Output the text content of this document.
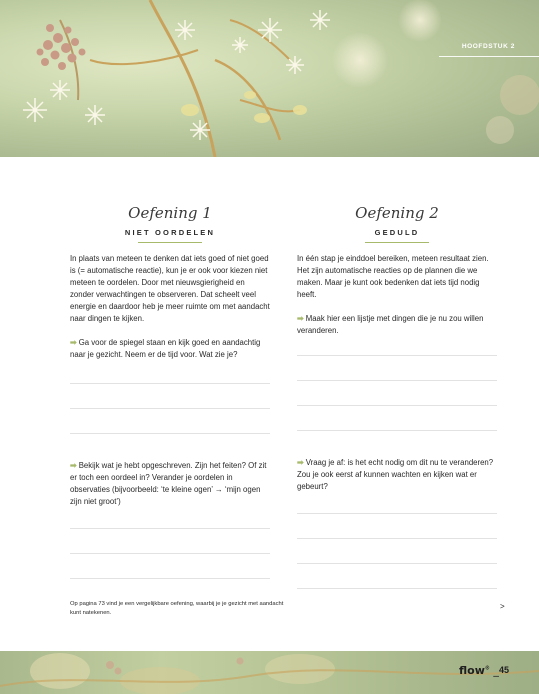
HOOFDSTUK 2
Oefening 1
NIET OORDELEN

In plaats van meteen te denken dat iets goed of niet goed is (= automatische reactie), kun je er ook voor kiezen niet meteen te oordelen. Door met nieuwsgierigheid en zonder verwachtingen te observeren. Dat scheelt veel energie en daardoor heb je meer ruimte om met aandacht naar dingen te kijken.

➡ Ga voor de spiegel staan en kijk goed en aandachtig naar je gezicht. Neem er de tijd voor. Wat zie je?

➡ Bekijk wat je hebt opgeschreven. Zijn het feiten? Of zit er toch een oordeel in? Verander je oordelen in observaties (bijvoorbeeld: ‘te kleine ogen’ → ‘mijn ogen zijn niet groot’)

Oefening 2
GEDULD

In één stap je einddoel bereiken, meteen resultaat zien. Het zijn automatische reacties op de plannen die we maken. Maar je kunt ook bedenken dat iets tijd nodig heeft.

➡ Maak hier een lijstje met dingen die je nu zou willen veranderen.

➡ Vraag je af: is het echt nodig om dit nu te veranderen? Zou je ook eerst af kunnen wachten en kijken wat er gebeurt?

Op pagina 73 vind je een vergelijkbare oefening, waarbij je je gezicht met aandacht kunt natekenen.
>
flow® _ 45
